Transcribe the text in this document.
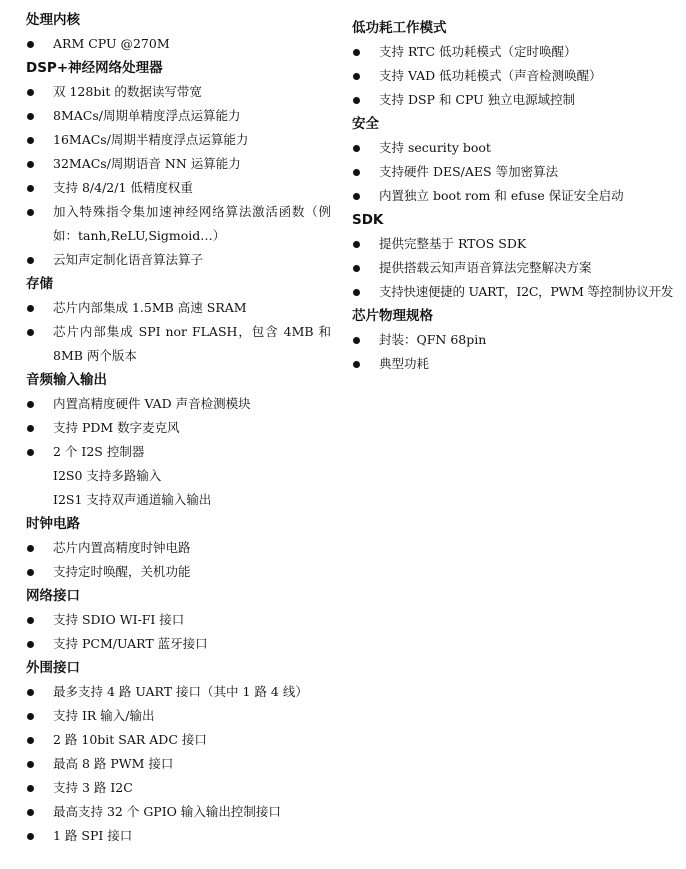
处理内核
ARM CPU @270M
DSP+神经网络处理器
双 128bit 的数据读写带宽
8MACs/周期单精度浮点运算能力
16MACs/周期半精度浮点运算能力
32MACs/周期语音 NN 运算能力
支持 8/4/2/1 低精度权重
加入特殊指令集加速神经网络算法激活函数（例如：tanh,ReLU,Sigmoid…）
云知声定制化语音算法算子
存储
芯片内部集成 1.5MB 高速 SRAM
芯片内部集成 SPI nor FLASH，包含 4MB 和 8MB 两个版本
音频输入输出
内置高精度硬件 VAD 声音检测模块
支持 PDM 数字麦克风
2 个 I2S 控制器
I2S0 支持多路输入
I2S1 支持双声通道输入输出
时钟电路
芯片内置高精度时钟电路
支持定时唤醒，关机功能
网络接口
支持 SDIO WI-FI 接口
支持 PCM/UART 蓝牙接口
外围接口
最多支持 4 路 UART 接口（其中 1 路 4 线）
支持 IR 输入/输出
2 路 10bit SAR ADC 接口
最高 8 路 PWM 接口
支持 3 路 I2C
最高支持 32 个 GPIO 输入输出控制接口
1 路 SPI 接口
低功耗工作模式
支持 RTC 低功耗模式（定时唤醒）
支持 VAD 低功耗模式（声音检测唤醒）
支持 DSP 和 CPU 独立电源域控制
安全
支持 security boot
支持硬件 DES/AES 等加密算法
内置独立 boot rom 和 efuse 保证安全启动
SDK
提供完整基于 RTOS SDK
提供搭载云知声语音算法完整解决方案
支持快速便捷的 UART，I2C，PWM 等控制协议开发
芯片物理规格
封装：QFN 68pin
典型功耗
